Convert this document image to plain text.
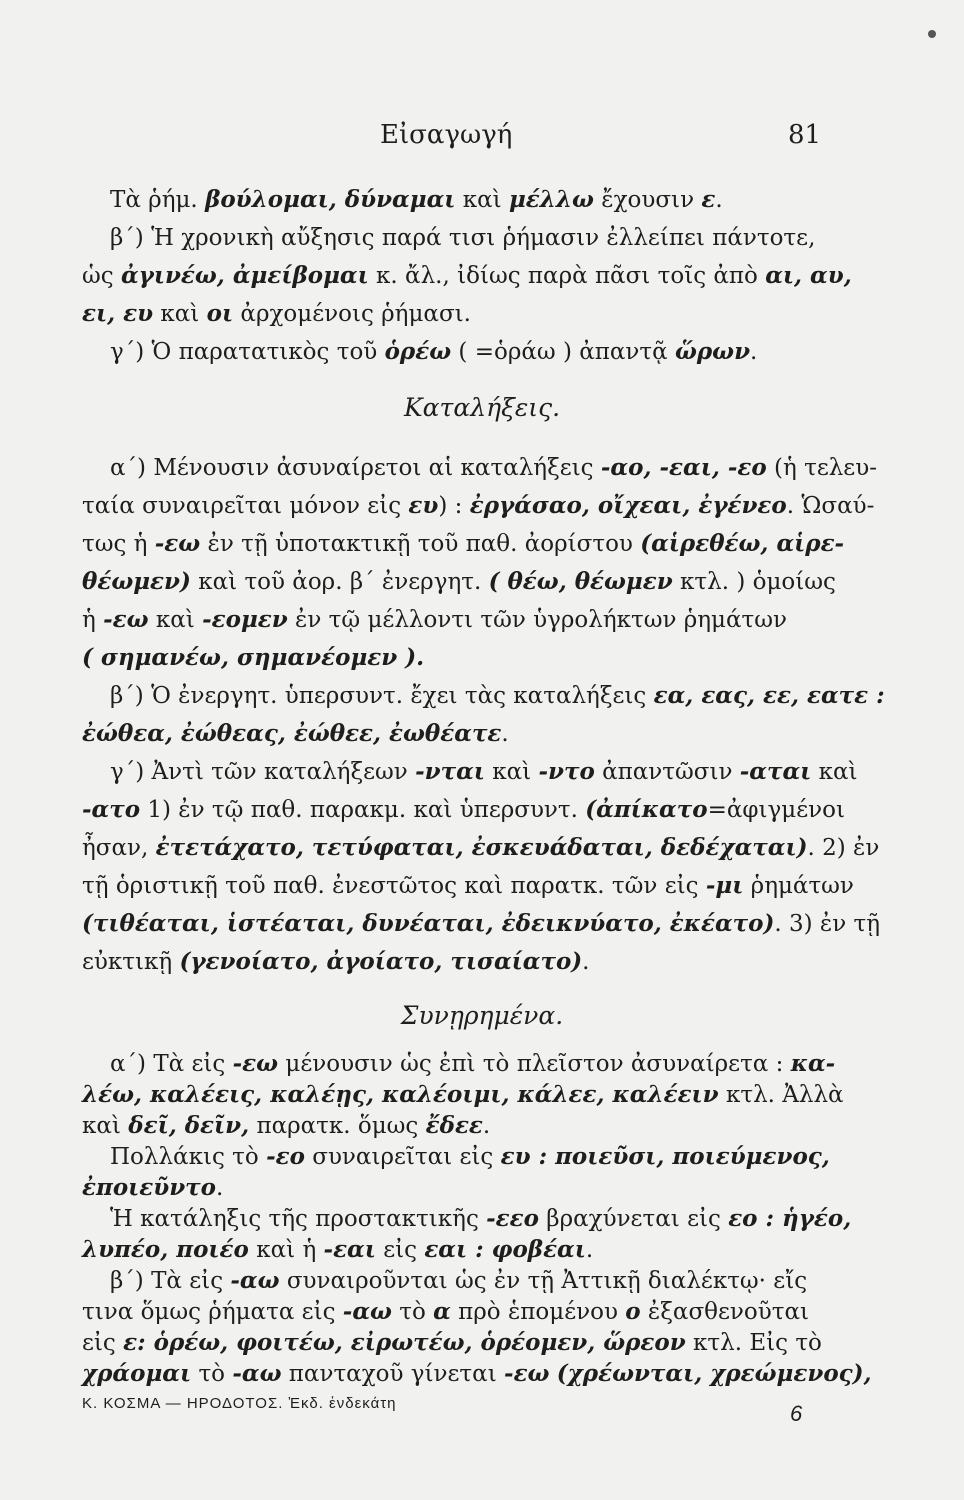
Εἰσαγωγή	81
Τὰ ῥήμ. βούλομαι, δύναμαι καὶ μέλλω ἔχουσιν ε.
β΄) Ἡ χρονικὴ αὔξησις παρά τισι ῥήμασιν ἐλλείπει πάντοτε,
ὡς ἀγινέω, ἀμείβομαι κ. ἄλ., ἰδίως παρὰ πᾶσι τοῖς ἀπὸ αι, αυ,
ει, ευ καὶ οι ἀρχομένοις ῥήμασι.
γ΄) Ὁ παρατατικὸς τοῦ ὁρέω ( =ὁράω ) ἀπαντᾷ ὥρων.
Καταλήξεις.
α΄) Μένουσιν ἀσυναίρετοι αἱ καταλήξεις -αο, -εαι, -εο (ἡ τελευ-
ταία συναιρεῖται μόνον εἰς ευ) : ἐργάσαο, οἴχεαι, ἐγένεο. Ὡσαύ-
τως ἡ -εω ἐν τῇ ὑποτακτικῇ τοῦ παθ. ἀορίστου (αἱρεθέω, αἱρε-
θέωμεν) καὶ τοῦ ἀορ. β΄ ἐνεργητ. ( θέω, θέωμεν κτλ. ) ὁμοίως
ἡ -εω καὶ -εομεν ἐν τῷ μέλλοντι τῶν ὑγρολήκτων ῥημάτων
( σημανέω, σημανέομεν ).
β΄) Ὁ ἐνεργητ. ὑπερσυντ. ἔχει τὰς καταλήξεις εα, εας, εε, εατε :
ἐώθεα, ἐώθεας, ἐώθεε, ἐωθέατε.
γ΄) Ἀντὶ τῶν καταλήξεων -νται καὶ -ντο ἀπαντῶσιν -αται καὶ
-ατο 1) ἐν τῷ παθ. παρακμ. καὶ ὑπερσυντ. (ἀπίκατο=ἀφιγμένοι
ἦσαν, ἐτετάχατο, τετύφαται, ἐσκευάδαται, δεδέχαται). 2) ἐν
τῇ ὁριστικῇ τοῦ παθ. ἐνεστῶτος καὶ παρατκ. τῶν εἰς -μι ῥημάτων
(τιθέαται, ἱστέαται, δυνέαται, ἐδεικνύατο, ἐκέατο). 3) ἐν τῇ
εὐκτικῇ (γενοίατο, ἀγοίατο, τισαίατο).
Συνῃρημένα.
α΄) Τὰ εἰς -εω μένουσιν ὡς ἐπὶ τὸ πλεῖστον ἀσυναίρετα : κα-
λέω, καλέεις, καλέῃς, καλέοιμι, κάλεε, καλέειν κτλ. Ἀλλὰ
καὶ δεῖ, δεῖν, παρατκ. ὅμως ἔδεε.
Πολλάκις τὸ -εο συναιρεῖται εἰς ευ : ποιεῦσι, ποιεύμενος,
ἐποιεῦντο.
Ἡ κατάληξις τῆς προστακτικῆς -εεο βραχύνεται εἰς εο : ἡγέο,
λυπέο, ποιέο καὶ ἡ -εαι εἰς εαι : φοβέαι.
β΄) Τὰ εἰς -αω συναιροῦνται ὡς ἐν τῇ Ἀττικῇ διαλέκτῳ· εἴς
τινα ὅμως ῥήματα εἰς -αω τὸ α πρὸ ἑπομένου ο ἐξασθενοῦται
εἰς ε: ὁρέω, φοιτέω, εἰρωτέω, ὁρέομεν, ὥρεον κτλ. Εἰς τὸ
χράομαι τὸ -αω πανταχοῦ γίνεται -εω (χρέωνται, χρεώμενος),
Κ. ΚΟΣΜΑ — ΗΡΟΔΟΤΟΣ. Ἐκδ. ἑνδεκάτη	6
